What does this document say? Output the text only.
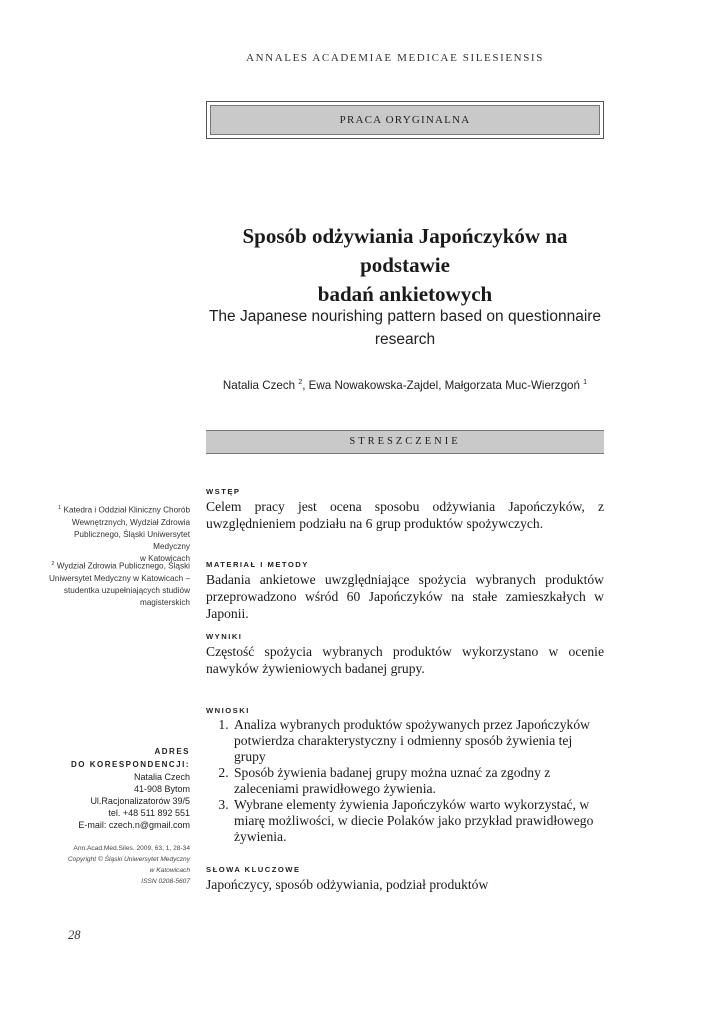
ANNALES ACADEMIAE MEDICAE SILESIENSIS
PRACA ORYGINALNA
Sposób odżywiania Japończyków na podstawie
badań ankietowych
The Japanese nourishing pattern based on questionnaire
research
Natalia Czech $^2$, Ewa Nowakowska-Zajdel, Małgorzata Muc-Wierzgoń $^1$
STRESZCZENIE
WSTĘP
Celem pracy jest ocena sposobu odżywiania Japończyków, z uwzględnieniem podziału na 6 grup produktów spożywczych.
MATERIAŁ I METODY
Badania ankietowe uwzględniające spożycia wybranych produktów przeprowadzono wśród 60 Japończyków na stałe zamieszkałych w Japonii.
WYNIKI
Częstość spożycia wybranych produktów wykorzystano w ocenie nawyków żywieniowych badanej grupy.
WNIOSKI
1. Analiza wybranych produktów spożywanych przez Japończyków potwierdza charakterystyczny i odmienny sposób żywienia tej grupy
2. Sposób żywienia badanej grupy można uznać za zgodny z zaleceniami prawidłowego żywienia.
3. Wybrane elementy żywienia Japończyków warto wykorzystać, w miarę możliwości, w diecie Polaków jako przykład prawidłowego żywienia.
SŁOWA KLUCZOWE
Japończycy, sposób odżywiania, podział produktów
$^1$ Katedra i Oddział Kliniczny Chorób
Wewnętrznych, Wydział Zdrowia
Publicznego, Śląski Uniwersytet Medyczny
w Katowicach
$^2$ Wydział Zdrowia Publicznego, Śląski
Uniwersytet Medyczny w Katowicach –
studentka uzupełniających studiów
magisterskich
ADRES
DO KORESPONDENCJI:
Natalia Czech
41-908 Bytom
Ul.Racjonalizatorów 39/5
tel. +48 511 892 551
E-mail: czech.n@gmail.com
Ann.Acad.Med.Siles. 2009, 63, 1, 28-34
Copyright © Śląski Uniwersytet Medyczny
w Katowicach
ISSN 0208-5607
28
